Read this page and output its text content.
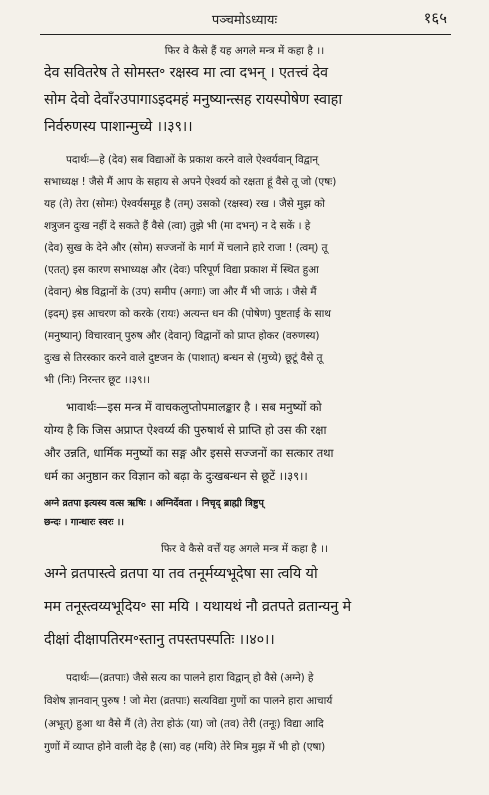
पञ्चमोऽध्यायः	१६५
फिर वे कैसे हैं यह अगले मन्त्र में कहा है ।।
देव सवितरेष ते सोमस्त॰ रक्षस्व मा त्वा दभन् । एतत्त्वं देव
सोम देवो देवाँ२उपागाऽइदमहं मनुष्यान्त्सह रायस्पोषेण स्वाहा
निर्वरुणस्य पाशान्मुच्ये ।।३९।।
पदार्थः—हे (देव) सब विद्याओं के प्रकाश करने वाले ऐश्वर्यवान् विद्वान्
सभाध्यक्ष ! जैसे मैं आप के सहाय से अपने ऐश्वर्य को रक्षता हूं वैसे तू जो (एषः)
यह (ते) तेरा (सोमः) ऐश्वर्यसमूह है (तम्) उसको (रक्षस्व) रख । जैसे मुझ को
शत्रुजन दुःख नहीं दे सकते हैं वैसे (त्वा) तुझे भी (मा दभन्) न दे सकें । हे
(देव) सुख के देने और (सोम) सज्जनों के मार्ग में चलाने हारे राजा ! (त्वम्) तू
(एतत्) इस कारण सभाध्यक्ष और (देवः) परिपूर्ण विद्या प्रकाश में स्थित हुआ
(देवान्) श्रेष्ठ विद्वानों के (उप) समीप (अगाः) जा और मैं भी जाऊं । जैसे मैं
(इदम्) इस आचरण को करके (रायः) अत्यन्त धन की (पोषेण) पुष्टताई के साथ
(मनुष्यान्) विचारवान् पुरुष और (देवान्) विद्वानों को प्राप्त होकर (वरुणस्य)
दुःख से तिरस्कार करने वाले दुष्टजन के (पाशात्) बन्धन से (मुच्ये) छूटूं वैसे तू
भी (निः) निरन्तर छूट ।।३९।।
भावार्थः—इस मन्त्र में वाचकलुप्तोपमालङ्कार है । सब मनुष्यों को
योग्य है कि जिस अप्राप्त ऐश्वर्य्य की पुरुषार्थ से प्राप्ति हो उस की रक्षा
और उन्नति, धार्मिक मनुष्यों का सङ्ग और इससे सज्जनों का सत्कार तथा
धर्म का अनुष्ठान कर विज्ञान को बढ़ा के दुःखबन्धन से छूटें ।।३९।।
अग्ने व्रतपा इत्यस्य वत्स ऋषिः । अग्निर्देवता । निचृद् ब्राह्मी त्रिष्टुप्
छन्दः । गान्धारः स्वरः ।।
फिर वे कैसे वर्त्तें यह अगले मन्त्र में कहा है ।।
अग्ने व्रतपास्त्वे व्रतपा या तव तनूर्मय्यभूदेषा सा त्वयि यो
मम तनूस्त्वय्यभूदिय॰ सा मयि । यथायथं नौ व्रतपते व्रतान्यनु मे
दीक्षां दीक्षापतिरम॰स्तानु तपस्तपस्पतिः ।।४०।।
पदार्थः—(व्रतपाः) जैसे सत्य का पालने हारा विद्वान् हो वैसे (अग्ने) हे
विशेष ज्ञानवान् पुरुष ! जो मेरा (व्रतपाः) सत्यविद्या गुणों का पालने हारा आचार्य
(अभूत्) हुआ था वैसे मैं (ते) तेरा होऊं (या) जो (तव) तेरी (तनूः) विद्या आदि
गुणों में व्याप्त होने वाली देह है (सा) वह (मयि) तेरे मित्र मुझ में भी हो (एषा)
